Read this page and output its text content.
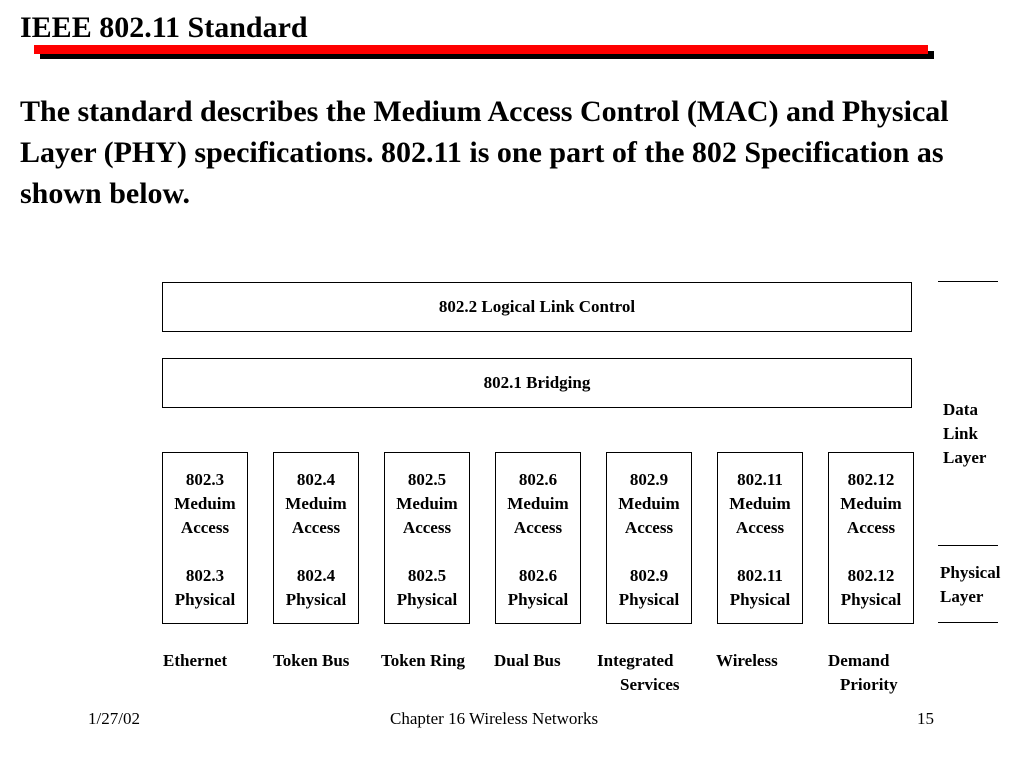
IEEE 802.11 Standard
The standard describes the Medium Access Control (MAC) and Physical Layer (PHY) specifications. 802.11 is one part of the 802 Specification as shown below.
802.2 Logical Link Control
802.1 Bridging
802.3
Meduim
Access
802.3
Physical
802.4
Meduim
Access
802.4
Physical
802.5
Meduim
Access
802.5
Physical
802.6
Meduim
Access
802.6
Physical
802.9
Meduim
Access
802.9
Physical
802.11
Meduim
Access
802.11
Physical
802.12
Meduim
Access
802.12
Physical
Ethernet	Token Bus Token Ring Dual Bus Integrated
Services
Wireless	Demand
Priority
Data
Link
Layer
Physical
Layer
1/27/02	Chapter 16 Wireless Networks	15
